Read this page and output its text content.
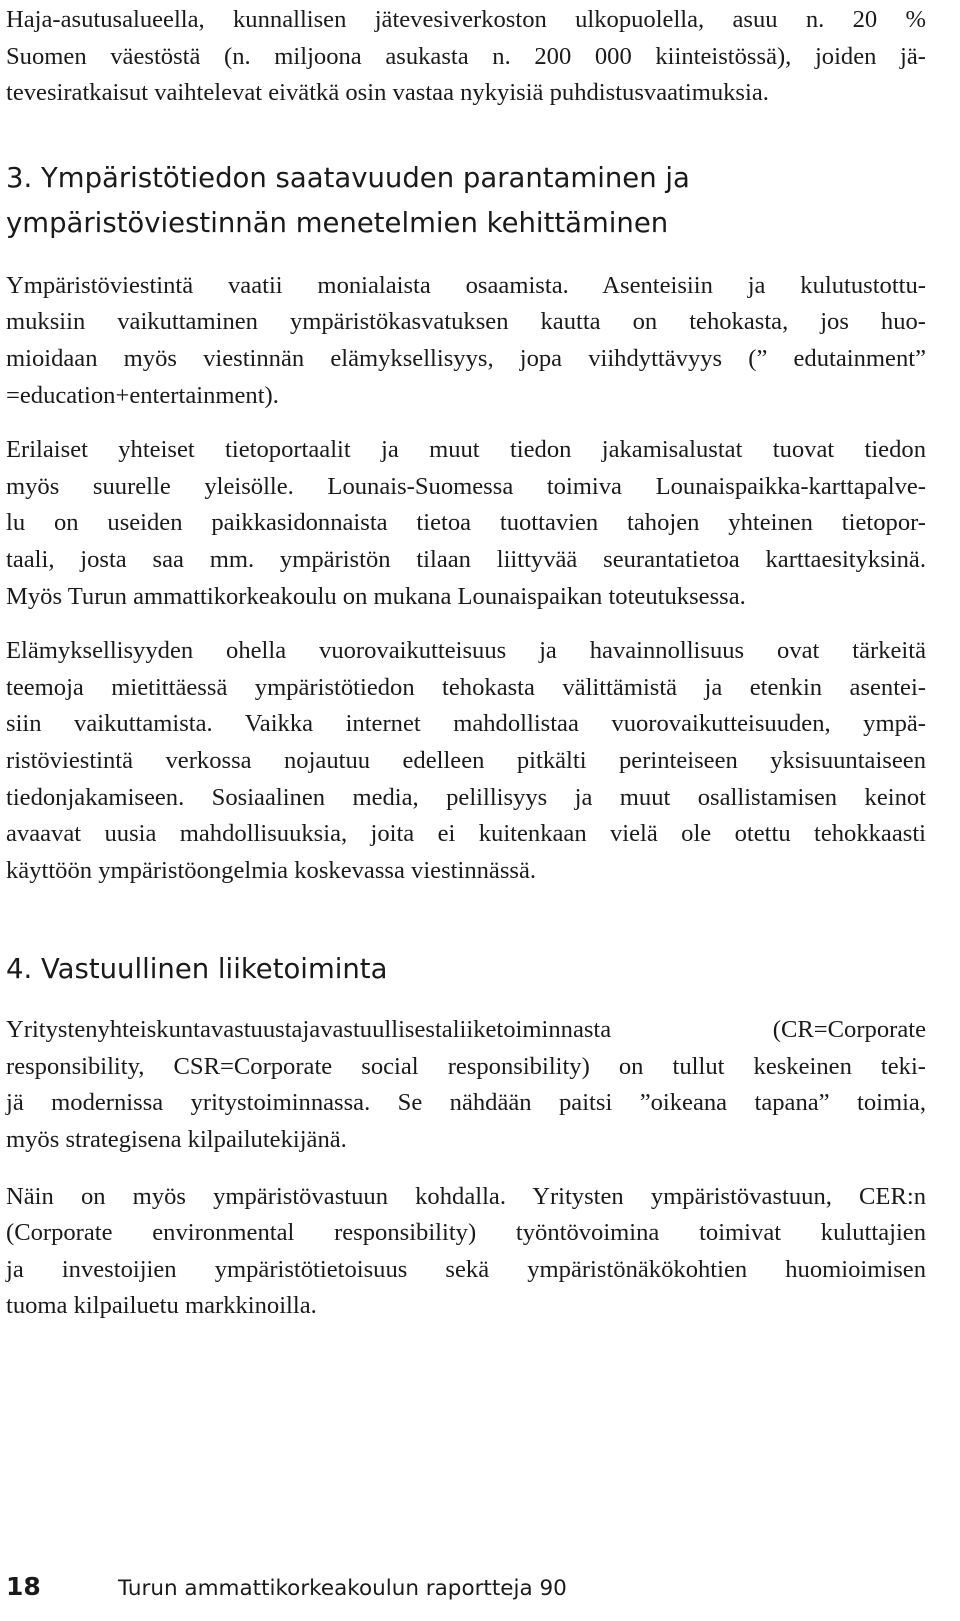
Haja-asutusalueella, kunnallisen jätevesiverkoston ulkopuolella, asuu n. 20 %
Suomen väestöstä (n. miljoona asukasta n. 200 000 kiinteistössä), joiden jä-
tevesiratkaisut vaihtelevat eivätkä osin vastaa nykyisiä puhdistusvaatimuksia.

3. Ympäristötiedon saatavuuden parantaminen ja
ympäristöviestinnän menetelmien kehittäminen

Ympäristöviestintä vaatii monialaista osaamista. Asenteisiin ja kulutustottu-
muksiin vaikuttaminen ympäristökasvatuksen kautta on tehokasta, jos huo-
mioidaan myös viestinnän elämyksellisyys, jopa viihdyttävyys (” edutainment”
=education+entertainment).

Erilaiset yhteiset tietoportaalit ja muut tiedon jakamisalustat tuovat tiedon
myös suurelle yleisölle. Lounais-Suomessa toimiva Lounaispaikka-karttapalve-
lu on useiden paikkasidonnaista tietoa tuottavien tahojen yhteinen tietopor-
taali, josta saa mm. ympäristön tilaan liittyvää seurantatietoa karttaesityksinä.
Myös Turun ammattikorkeakoulu on mukana Lounaispaikan toteutuksessa.

Elämyksellisyyden ohella vuorovaikutteisuus ja havainnollisuus ovat tärkeitä
teemoja mietittäessä ympäristötiedon tehokasta välittämistä ja etenkin asentei-
siin vaikuttamista. Vaikka internet mahdollistaa vuorovaikutteisuuden, ympä-
ristöviestintä verkossa nojautuu edelleen pitkälti perinteiseen yksisuuntaiseen
tiedonjakamiseen. Sosiaalinen media, pelillisyys ja muut osallistamisen keinot
avaavat uusia mahdollisuuksia, joita ei kuitenkaan vielä ole otettu tehokkaasti
käyttöön ympäristöongelmia koskevassa viestinnässä.

4. Vastuullinen liiketoiminta

Yritystenyhteiskuntavastuustajavastuullisestaliiketoiminnasta (CR=Corporate
responsibility, CSR=Corporate social responsibility) on tullut keskeinen teki-
jä modernissa yritystoiminnassa. Se nähdään paitsi ”oikeana tapana” toimia,
myös strategisena kilpailutekijänä.

Näin on myös ympäristövastuun kohdalla. Yritysten ympäristövastuun, CER:n
(Corporate environmental responsibility) työntövoimina toimivat kuluttajien
ja investoijien ympäristötietoisuus sekä ympäristönäkökohtien huomioimisen
tuoma kilpailuetu markkinoilla.

18	Turun ammattikorkeakoulun raportteja 90
